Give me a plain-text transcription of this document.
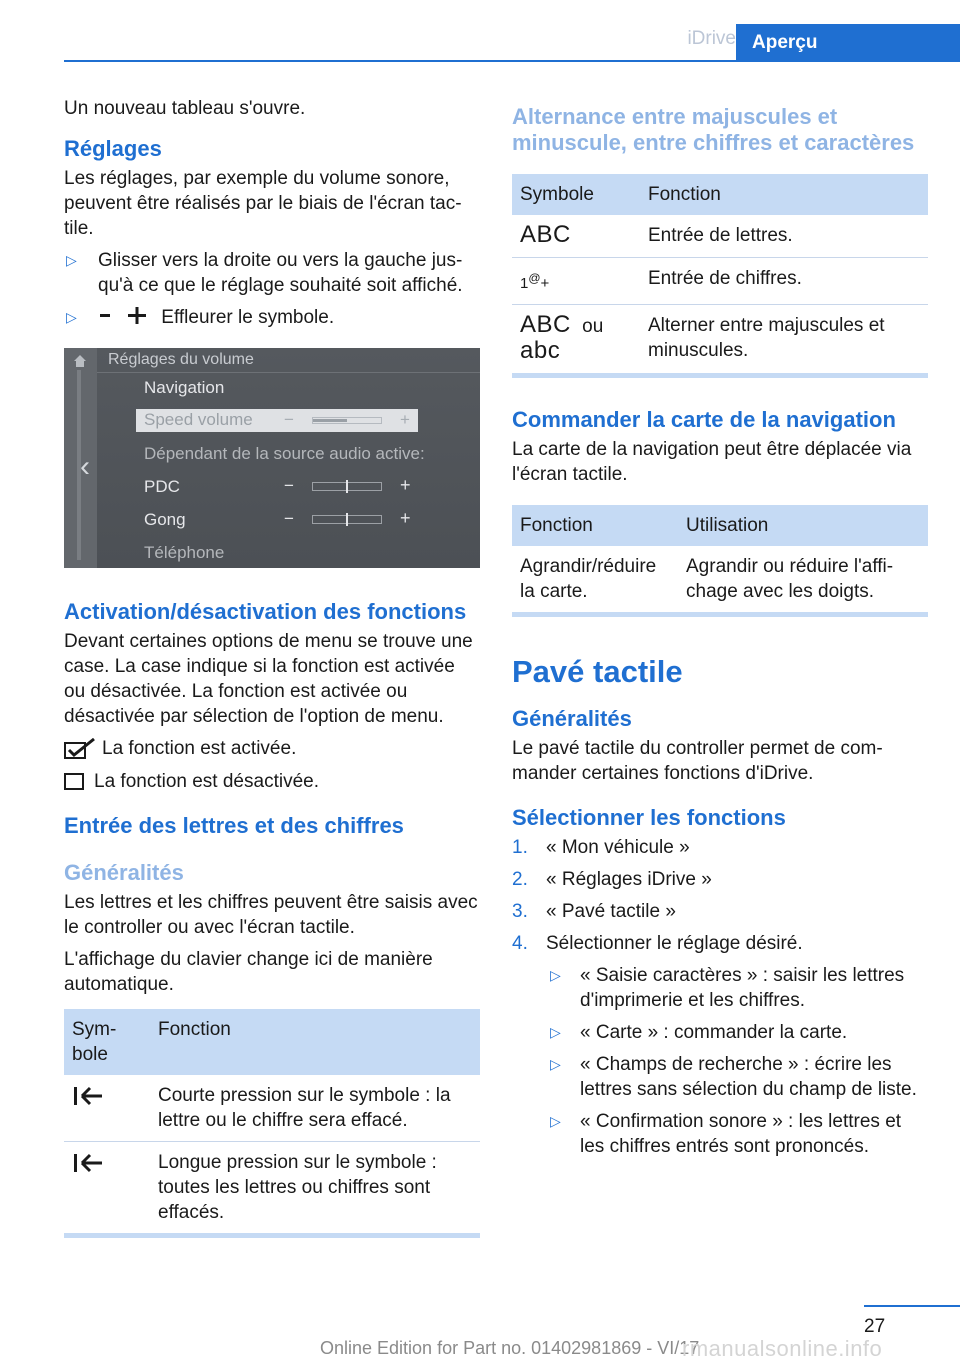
iDrive Aperçu

Un nouveau tableau s'ouvre.

Réglages

Les réglages, par exemple du volume sonore, peuvent être réalisés par le biais de l'écran tactile.

▷ Glisser vers la droite ou vers la gauche jusqu'à ce que le réglage souhaité soit affiché.
▷	Effleurer le symbole.
‹
Réglages du volume
Navigation
Speed volume −	+
Dépendant de la source audio active:
PDC	−	+
Gong	−	+
Téléphone
Activation/désactivation des fonctions

Devant certaines options de menu se trouve une case. La case indique si la fonction est activée ou désactivée. La fonction est activée ou désactivée par sélection de l'option de menu.

La fonction est activée.
La fonction est désactivée.
Entrée des lettres et des chiffres
Généralités

Les lettres et les chiffres peuvent être saisis avec le controller ou avec l'écran tactile.

L'affichage du clavier change ici de manière automatique.

Symbole	Fonction
	Courte pression sur le symbole : la lettre ou le chiffre sera effacé.
	Longue pression sur le symbole : toutes les lettres ou chiffres sont effacés.
Alternance entre majuscules et minuscule, entre chiffres et caractères
Symbole	Fonction
ABC	Entrée de lettres.
1@+	Entrée de chiffres.
ABC ou
abc	Alterner entre majuscules et minuscules.
Commander la carte de la navigation

La carte de la navigation peut être déplacée via l'écran tactile.

Fonction	Utilisation
Agrandir/réduire la carte.	Agrandir ou réduire l'affichage avec les doigts.
Pavé tactile
Généralités

Le pavé tactile du controller permet de commander certaines fonctions d'iDrive.

Sélectionner les fonctions
1. « Mon véhicule »
2. « Réglages iDrive »
3. « Pavé tactile »
4. Sélectionner le réglage désiré.
▷ « Saisie caractères » : saisir les lettres d'imprimerie et les chiffres.
▷ « Carte » : commander la carte.
▷ « Champs de recherche » : écrire les lettres sans sélection du champ de liste.
▷ « Confirmation sonore » : les lettres et les chiffres entrés sont prononcés.
27
Online Edition for Part no. 01402981869 - VI/17
rmanualsonline.info
